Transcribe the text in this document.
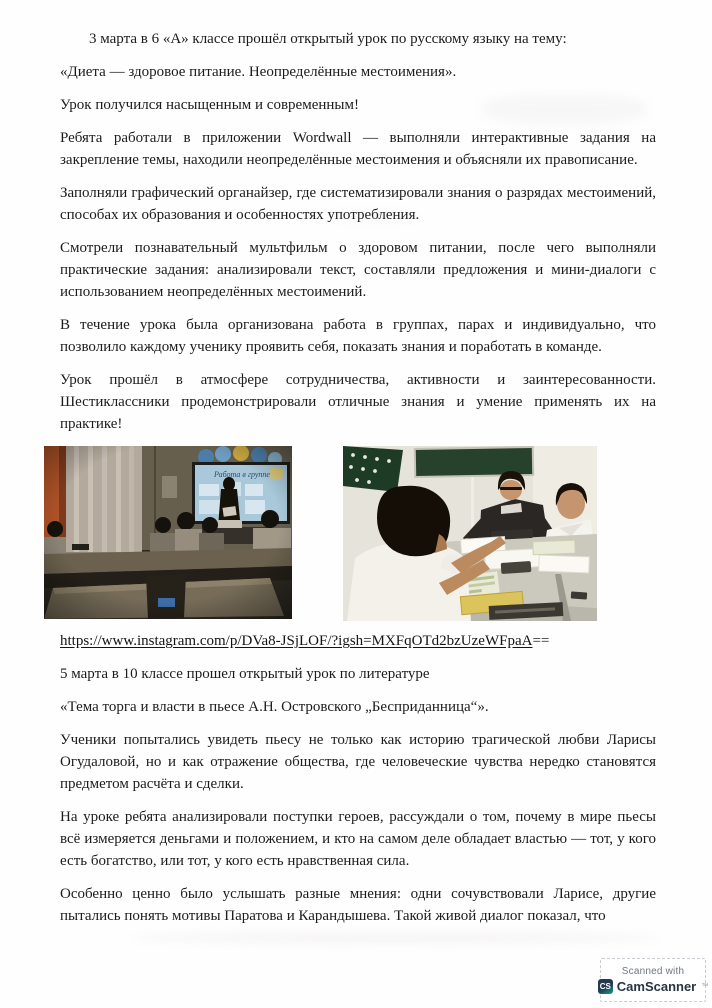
3 марта в 6 «А» классе прошёл открытый урок по русскому языку на тему:

«Диета — здоровое питание. Неопределённые местоимения».

Урок получился насыщенным и современным!

Ребята работали в приложении Wordwall — выполняли интерактивные задания на закрепление темы, находили неопределённые местоимения и объясняли их правописание.

Заполняли графический органайзер, где систематизировали знания о разрядах местоимений, способах их образования и особенностях употребления.

Смотрели познавательный мультфильм о здоровом питании, после чего выполняли практические задания: анализировали текст, составляли предложения и мини-диалоги с использованием неопределённых местоимений.

В течение урока была организована работа в группах, парах и индивидуально, что позволило каждому ученику проявить себя, показать знания и поработать в команде.

Урок прошёл в атмосфере сотрудничества, активности и заинтересованности. Шестиклассники продемонстрировали отличные знания и умение применять их на практике!

https://www.instagram.com/p/DVa8-JSjLOF/?igsh=MXFqOTd2bzUzeWFpaA==

5 марта в 10 классе прошел открытый урок по литературе

«Тема торга и власти в пьесе А.Н. Островского „Бесприданница“».

Ученики попытались увидеть пьесу не только как историю трагической любви Ларисы Огудаловой, но и как отражение общества, где человеческие чувства нередко становятся предметом расчёта и сделки.

На уроке ребята анализировали поступки героев, рассуждали о том, почему в мире пьесы всё измеряется деньгами и положением, и кто на самом деле обладает властью — тот, у кого есть богатство, или тот, у кого есть нравственная сила.

Особенно ценно было услышать разные мнения: одни сочувствовали Ларисе, другие пытались понять мотивы Паратова и Карандышева. Такой живой диалог показал, что

Scanned with
CS CamScanner ™
